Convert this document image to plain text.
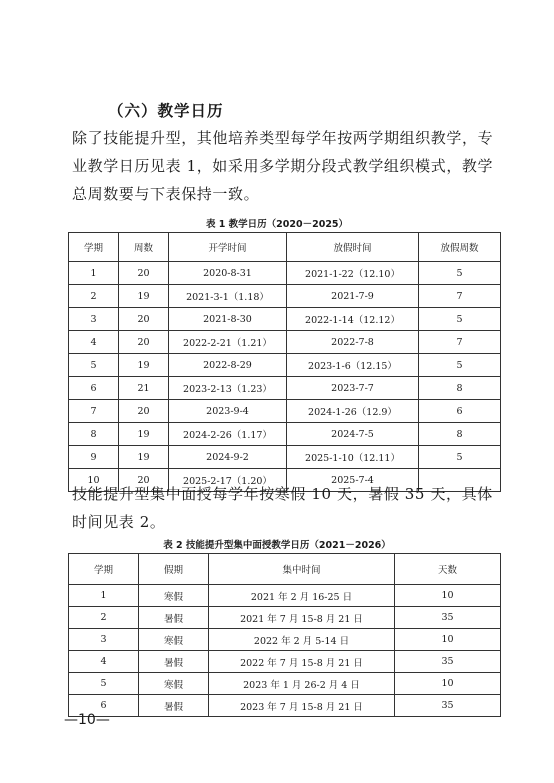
（六）教学日历
除了技能提升型，其他培养类型每学年按两学期组织教学，专业教学日历见表 1，如采用多学期分段式教学组织模式，教学总周数要与下表保持一致。
表 1 教学日历（2020－2025）
学期	周数	开学时间	放假时间	放假周数
1	20	2020-8-31	2021-1-22（12.10）	5
2	19	2021-3-1（1.18）	2021-7-9	7
3	20	2021-8-30	2022-1-14（12.12）	5
4	20	2022-2-21（1.21）	2022-7-8	7
5	19	2022-8-29	2023-1-6（12.15）	5
6	21	2023-2-13（1.23）	2023-7-7	8
7	20	2023-9-4	2024-1-26（12.9）	6
8	19	2024-2-26（1.17）	2024-7-5	8
9	19	2024-9-2	2025-1-10（12.11）	5
10	20	2025-2-17（1.20）	2025-7-4	
技能提升型集中面授每学年按寒假 10 天，暑假 35 天，具体时间见表 2。
表 2 技能提升型集中面授教学日历（2021－2026）
学期	假期	集中时间	天数
1	寒假	2021 年 2 月 16-25 日	10
2	暑假	2021 年 7 月 15-8 月 21 日	35
3	寒假	2022 年 2 月 5-14 日	10
4	暑假	2022 年 7 月 15-8 月 21 日	35
5	寒假	2023 年 1 月 26-2 月 4 日	10
6	暑假	2023 年 7 月 15-8 月 21 日	35
—10—
